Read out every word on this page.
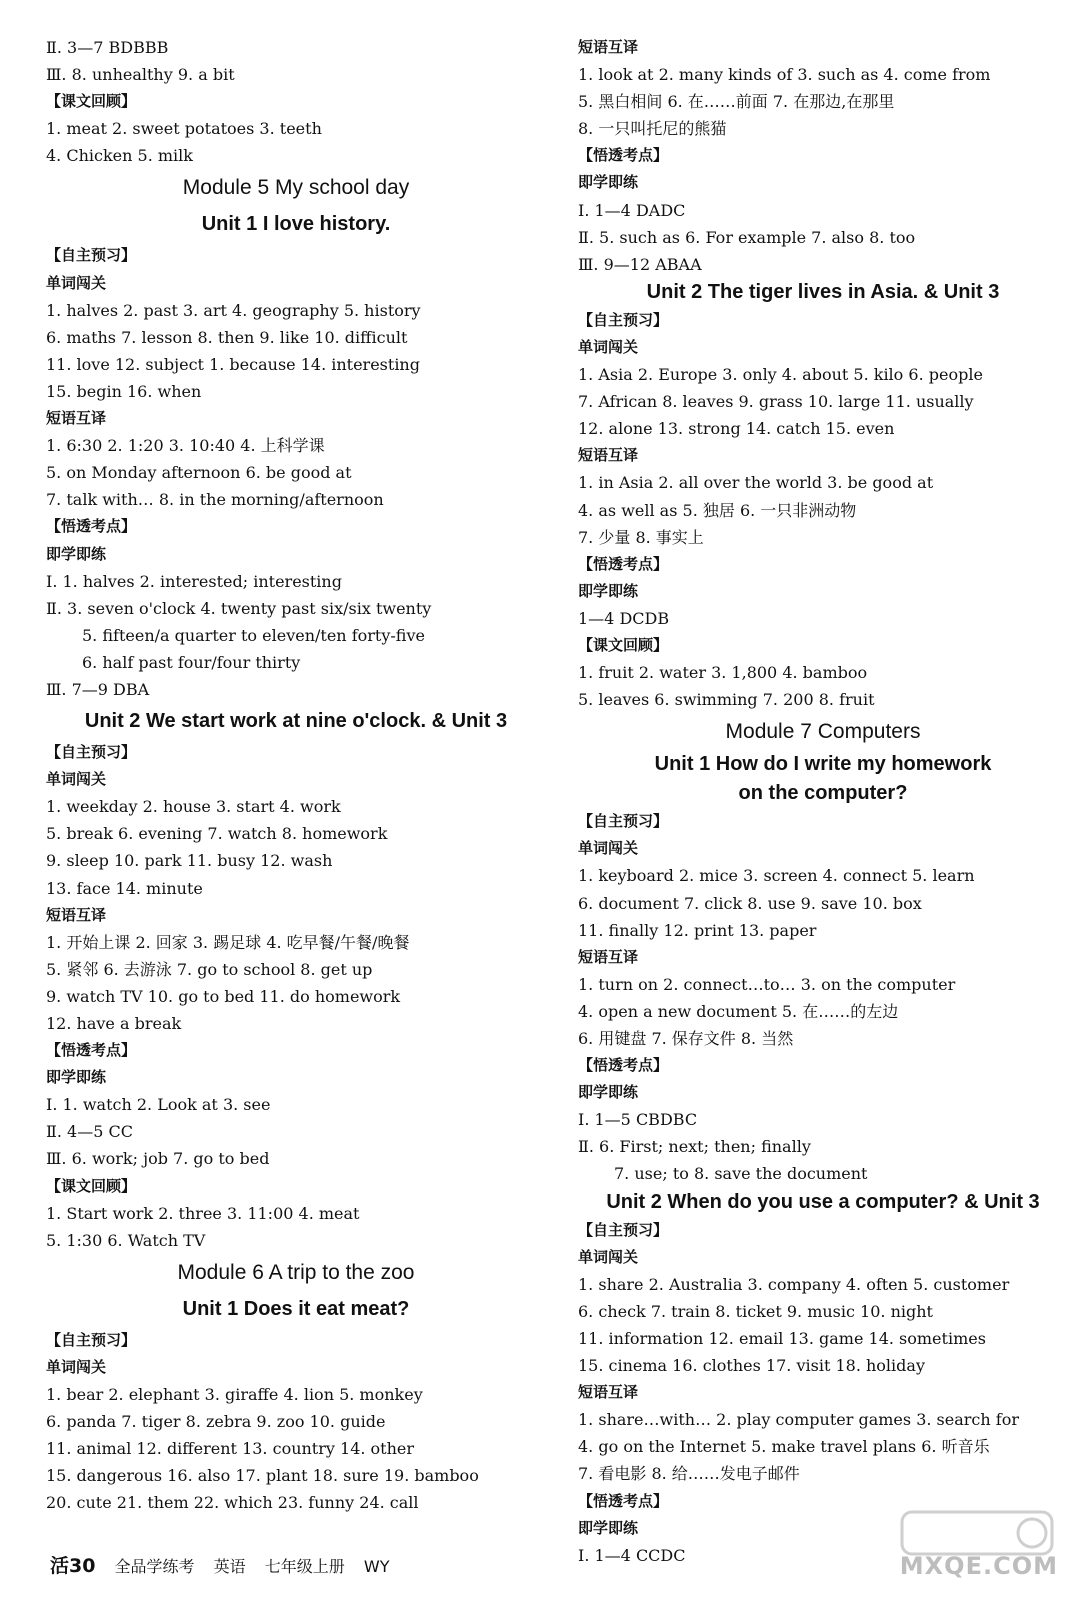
Ⅱ. 3—7 BDBBB
Ⅲ. 8. unhealthy 9. a bit
【课文回顾】
1. meat 2. sweet potatoes 3. teeth
4. Chicken 5. milk
Module 5 My school day
Unit 1 I love history.
【自主预习】
单词闯关
1. halves 2. past 3. art 4. geography 5. history
6. maths 7. lesson 8. then 9. like 10. difficult
11. love 12. subject 1. because 14. interesting
15. begin 16. when
短语互译
1. 6:30 2. 1:20 3. 10:40 4. 上科学课
5. on Monday afternoon 6. be good at
7. talk with… 8. in the morning/afternoon
【悟透考点】
即学即练
Ⅰ. 1. halves 2. interested; interesting
Ⅱ. 3. seven o'clock 4. twenty past six/six twenty
5. fifteen/a quarter to eleven/ten forty-five
6. half past four/four thirty
Ⅲ. 7—9 DBA
Unit 2 We start work at nine o'clock. & Unit 3
【自主预习】
单词闯关
1. weekday 2. house 3. start 4. work
5. break 6. evening 7. watch 8. homework
9. sleep 10. park 11. busy 12. wash
13. face 14. minute
短语互译
1. 开始上课 2. 回家 3. 踢足球 4. 吃早餐/午餐/晚餐
5. 紧邻 6. 去游泳 7. go to school 8. get up
9. watch TV 10. go to bed 11. do homework
12. have a break
【悟透考点】
即学即练
Ⅰ. 1. watch 2. Look at 3. see
Ⅱ. 4—5 CC
Ⅲ. 6. work; job 7. go to bed
【课文回顾】
1. Start work 2. three 3. 11:00 4. meat
5. 1:30 6. Watch TV
Module 6 A trip to the zoo
Unit 1 Does it eat meat?
【自主预习】
单词闯关
1. bear 2. elephant 3. giraffe 4. lion 5. monkey
6. panda 7. tiger 8. zebra 9. zoo 10. guide
11. animal 12. different 13. country 14. other
15. dangerous 16. also 17. plant 18. sure 19. bamboo
20. cute 21. them 22. which 23. funny 24. call
短语互译
1. look at 2. many kinds of 3. such as 4. come from
5. 黑白相间 6. 在……前面 7. 在那边,在那里
8. 一只叫托尼的熊猫
【悟透考点】
即学即练
Ⅰ. 1—4 DADC
Ⅱ. 5. such as 6. For example 7. also 8. too
Ⅲ. 9—12 ABAA
Unit 2 The tiger lives in Asia. & Unit 3
【自主预习】
单词闯关
1. Asia 2. Europe 3. only 4. about 5. kilo 6. people
7. African 8. leaves 9. grass 10. large 11. usually
12. alone 13. strong 14. catch 15. even
短语互译
1. in Asia 2. all over the world 3. be good at
4. as well as 5. 独居 6. 一只非洲动物
7. 少量 8. 事实上
【悟透考点】
即学即练
1—4 DCDB
【课文回顾】
1. fruit 2. water 3. 1,800 4. bamboo
5. leaves 6. swimming 7. 200 8. fruit
Module 7 Computers
Unit 1 How do I write my homework
on the computer?
【自主预习】
单词闯关
1. keyboard 2. mice 3. screen 4. connect 5. learn
6. document 7. click 8. use 9. save 10. box
11. finally 12. print 13. paper
短语互译
1. turn on 2. connect…to… 3. on the computer
4. open a new document 5. 在……的左边
6. 用键盘 7. 保存文件 8. 当然
【悟透考点】
即学即练
Ⅰ. 1—5 CBDBC
Ⅱ. 6. First; next; then; finally
7. use; to 8. save the document
Unit 2 When do you use a computer? & Unit 3
【自主预习】
单词闯关
1. share 2. Australia 3. company 4. often 5. customer
6. check 7. train 8. ticket 9. music 10. night
11. information 12. email 13. game 14. sometimes
15. cinema 16. clothes 17. visit 18. holiday
短语互译
1. share…with… 2. play computer games 3. search for
4. go on the Internet 5. make travel plans 6. 听音乐
7. 看电影 8. 给……发电子邮件
【悟透考点】
即学即练
Ⅰ. 1—4 CCDC
活30 全品学练考 英语 七年级上册 WY	MXQE.COM
